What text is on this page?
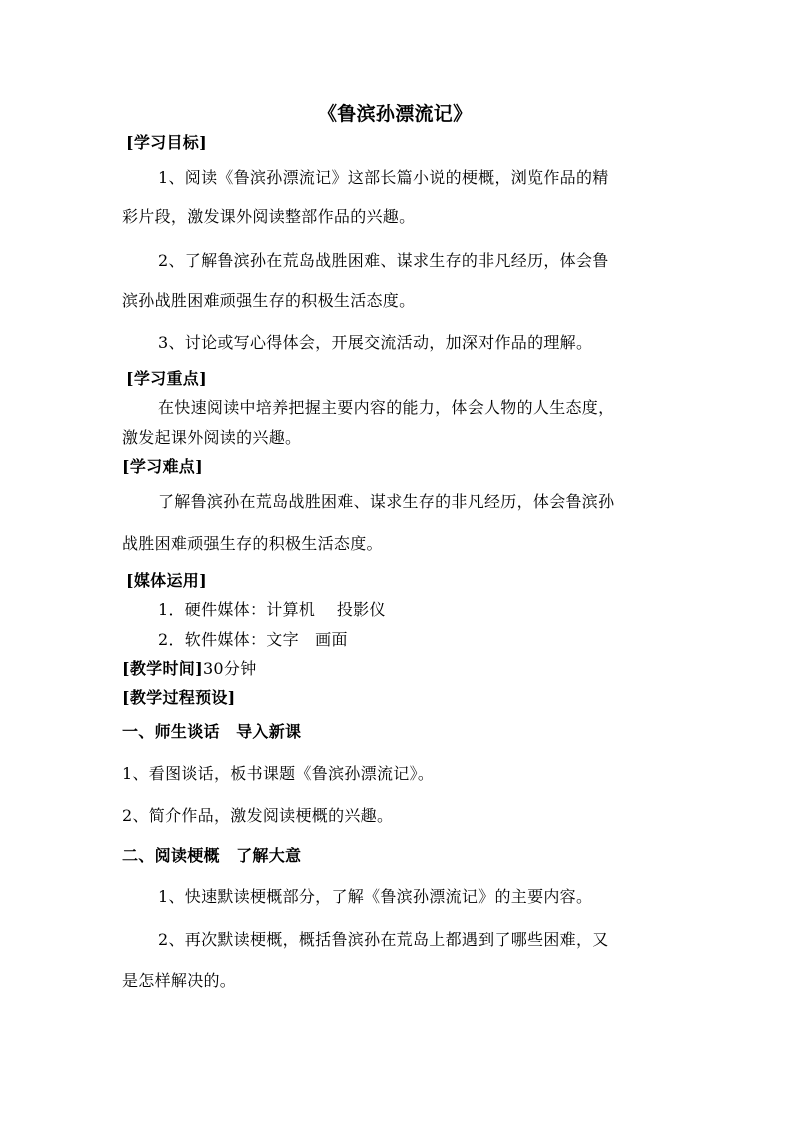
《鲁滨孙漂流记》
[学习目标]
1、阅读《鲁滨孙漂流记》这部长篇小说的梗概，浏览作品的精
彩片段，激发课外阅读整部作品的兴趣。
2、了解鲁滨孙在荒岛战胜困难、谋求生存的非凡经历，体会鲁
滨孙战胜困难顽强生存的积极生活态度。
3、讨论或写心得体会，开展交流活动，加深对作品的理解。
[学习重点]
在快速阅读中培养把握主要内容的能力，体会人物的人生态度，
激发起课外阅读的兴趣。
[学习难点]
了解鲁滨孙在荒岛战胜困难、谋求生存的非凡经历，体会鲁滨孙
战胜困难顽强生存的积极生活态度。
[媒体运用]
1．硬件媒体：计算机　 投影仪
2．软件媒体：文字　画面
[教学时间]30分钟
[教学过程预设]
一、师生谈话　导入新课
1、看图谈话，板书课题《鲁滨孙漂流记》。
2、简介作品，激发阅读梗概的兴趣。
二、阅读梗概　了解大意
1、快速默读梗概部分，了解《鲁滨孙漂流记》的主要内容。
2、再次默读梗概，概括鲁滨孙在荒岛上都遇到了哪些困难，又
是怎样解决的。
